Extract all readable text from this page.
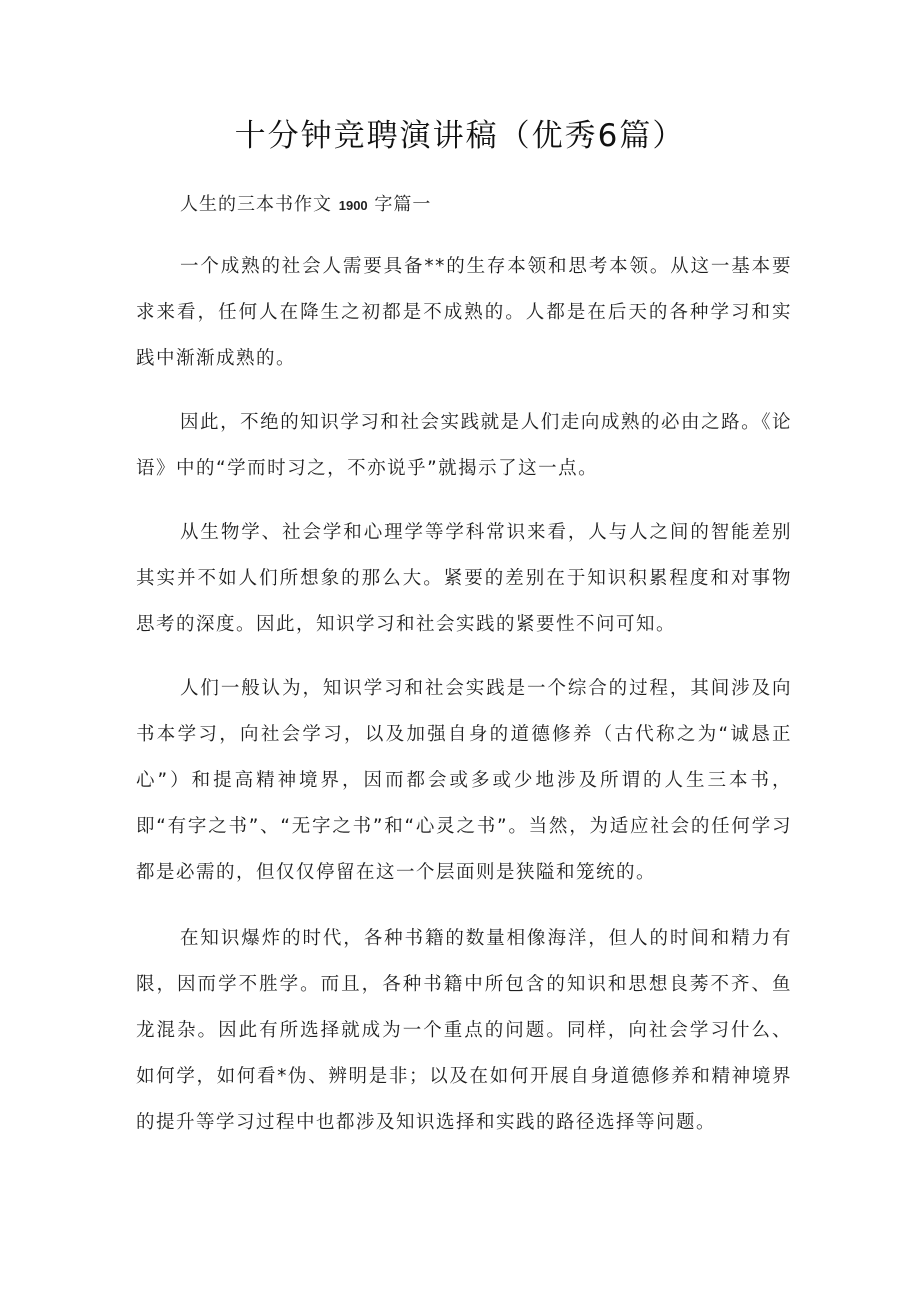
十分钟竞聘演讲稿（优秀6篇）
人生的三本书作文 1900 字篇一

一个成熟的社会人需要具备**的生存本领和思考本领。从这一基本要求来看，任何人在降生之初都是不成熟的。人都是在后天的各种学习和实践中渐渐成熟的。

因此，不绝的知识学习和社会实践就是人们走向成熟的必由之路。《论语》中的“学而时习之，不亦说乎”就揭示了这一点。

从生物学、社会学和心理学等学科常识来看，人与人之间的智能差别其实并不如人们所想象的那么大。紧要的差别在于知识积累程度和对事物思考的深度。因此，知识学习和社会实践的紧要性不问可知。

人们一般认为，知识学习和社会实践是一个综合的过程，其间涉及向书本学习，向社会学习，以及加强自身的道德修养（古代称之为“诚恳正心”）和提高精神境界，因而都会或多或少地涉及所谓的人生三本书，即“有字之书”、“无字之书”和“心灵之书”。当然，为适应社会的任何学习都是必需的，但仅仅停留在这一个层面则是狭隘和笼统的。

在知识爆炸的时代，各种书籍的数量相像海洋，但人的时间和精力有限，因而学不胜学。而且，各种书籍中所包含的知识和思想良莠不齐、鱼龙混杂。因此有所选择就成为一个重点的问题。同样，向社会学习什么、如何学，如何看*伪、辨明是非；以及在如何开展自身道德修养和精神境界的提升等学习过程中也都涉及知识选择和实践的路径选择等问题。
